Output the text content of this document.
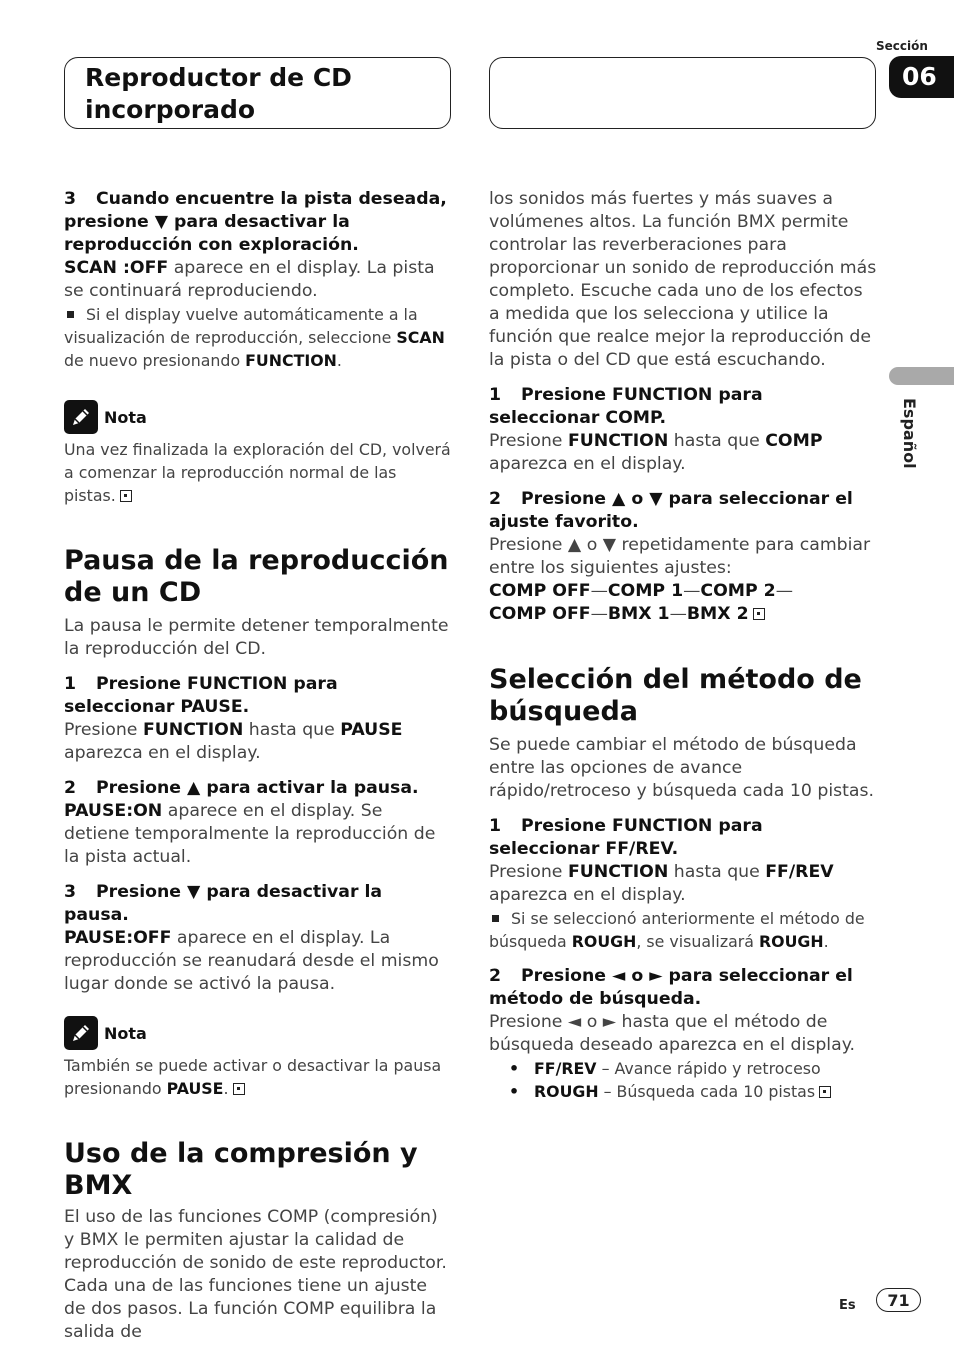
Reproductor de CD incorporado
Sección
06
Español

3 Cuando encuentre la pista deseada, presione ▼ para desactivar la reproducción con exploración.

SCAN :OFF aparece en el display. La pista se continuará reproduciendo.

Si el display vuelve automáticamente a la visualización de reproducción, seleccione SCAN de nuevo presionando FUNCTION.

Nota

Una vez finalizada la exploración del CD, volverá a comenzar la reproducción normal de las pistas.

Pausa de la reproducción de un CD

La pausa le permite detener temporalmente la reproducción del CD.

1 Presione FUNCTION para seleccionar PAUSE.

Presione FUNCTION hasta que PAUSE aparezca en el display.

2 Presione ▲ para activar la pausa.

PAUSE:ON aparece en el display. Se detiene temporalmente la reproducción de la pista actual.

3 Presione ▼ para desactivar la pausa.

PAUSE:OFF aparece en el display. La reproducción se reanudará desde el mismo lugar donde se activó la pausa.

Nota

También se puede activar o desactivar la pausa presionando PAUSE.

Uso de la compresión y BMX

El uso de las funciones COMP (compresión) y BMX le permiten ajustar la calidad de reproducción de sonido de este reproductor. Cada una de las funciones tiene un ajuste de dos pasos. La función COMP equilibra la salida de

los sonidos más fuertes y más suaves a volúmenes altos. La función BMX permite controlar las reverberaciones para proporcionar un sonido de reproducción más completo. Escuche cada uno de los efectos a medida que los selecciona y utilice la función que realce mejor la reproducción de la pista o del CD que está escuchando.

1 Presione FUNCTION para seleccionar COMP.

Presione FUNCTION hasta que COMP aparezca en el display.

2 Presione ▲ o ▼ para seleccionar el ajuste favorito.

Presione ▲ o ▼ repetidamente para cambiar entre los siguientes ajustes:

COMP OFF—COMP 1—COMP 2—

COMP OFF—BMX 1—BMX 2

Selección del método de búsqueda

Se puede cambiar el método de búsqueda entre las opciones de avance rápido/retroceso y búsqueda cada 10 pistas.

1 Presione FUNCTION para seleccionar FF/REV.

Presione FUNCTION hasta que FF/REV aparezca en el display.

Si se seleccionó anteriormente el método de búsqueda ROUGH, se visualizará ROUGH.

2 Presione ◄ o ► para seleccionar el método de búsqueda.

Presione ◄ o ► hasta que el método de búsqueda deseado aparezca en el display.

• FF/REV – Avance rápido y retroceso
• ROUGH – Búsqueda cada 10 pistas
Es	71
